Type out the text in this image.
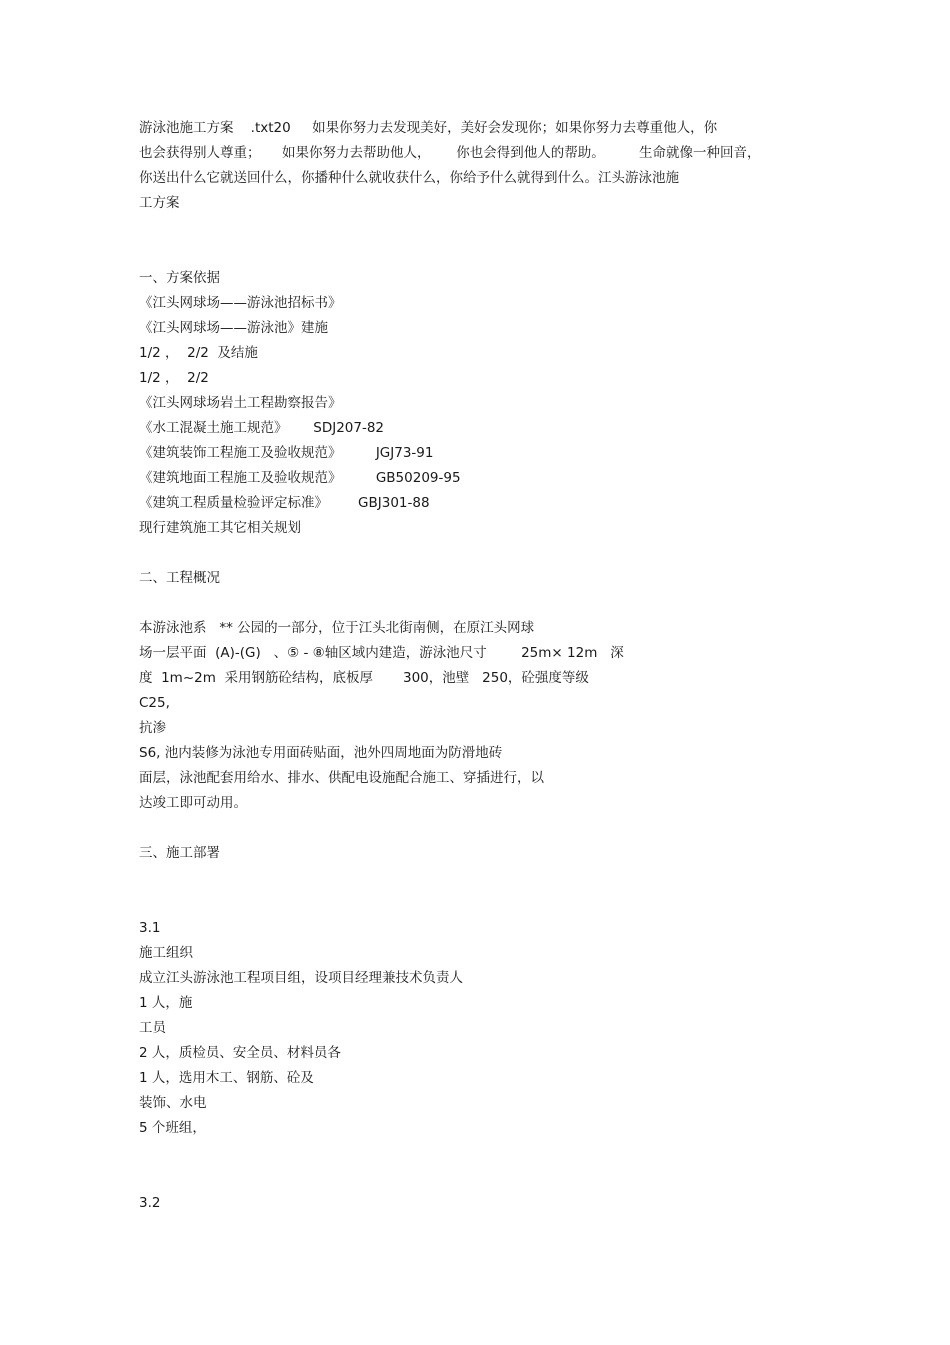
游泳池施工方案    .txt20     如果你努力去发现美好，美好会发现你；如果你努力去尊重他人，你
也会获得别人尊重；     如果你努力去帮助他人，      你也会得到他人的帮助。        生命就像一种回音，
你送出什么它就送回什么，你播种什么就收获什么，你给予什么就得到什么。江头游泳池施
工方案
一、方案依据
《江头网球场——游泳池招标书》
《江头网球场——游泳池》建施
1/2 ，  2/2  及结施
1/2 ，  2/2
《江头网球场岩土工程勘察报告》
《水工混凝土施工规范》      SDJ207-82
《建筑装饰工程施工及验收规范》        JGJ73-91
《建筑地面工程施工及验收规范》        GB50209-95
《建筑工程质量检验评定标准》       GBJ301-88
现行建筑施工其它相关规划
二、工程概况
本游泳池系   ** 公园的一部分，位于江头北街南侧，在原江头网球
场一层平面  (A)-(G)   、⑤ - ⑧轴区域内建造，游泳池尺寸        25m× 12m   深
度  1m~2m  采用钢筋砼结构，底板厚       300，池壁   250，砼强度等级
C25,
抗渗
S6, 池内装修为泳池专用面砖贴面，池外四周地面为防滑地砖
面层，泳池配套用给水、排水、供配电设施配合施工、穿插进行，以
达竣工即可动用。
三、施工部署
3.1
施工组织
成立江头游泳池工程项目组，设项目经理兼技术负责人
1 人，施
工员
2 人，质检员、安全员、材料员各
1 人，选用木工、钢筋、砼及
装饰、水电
5 个班组，
3.2
